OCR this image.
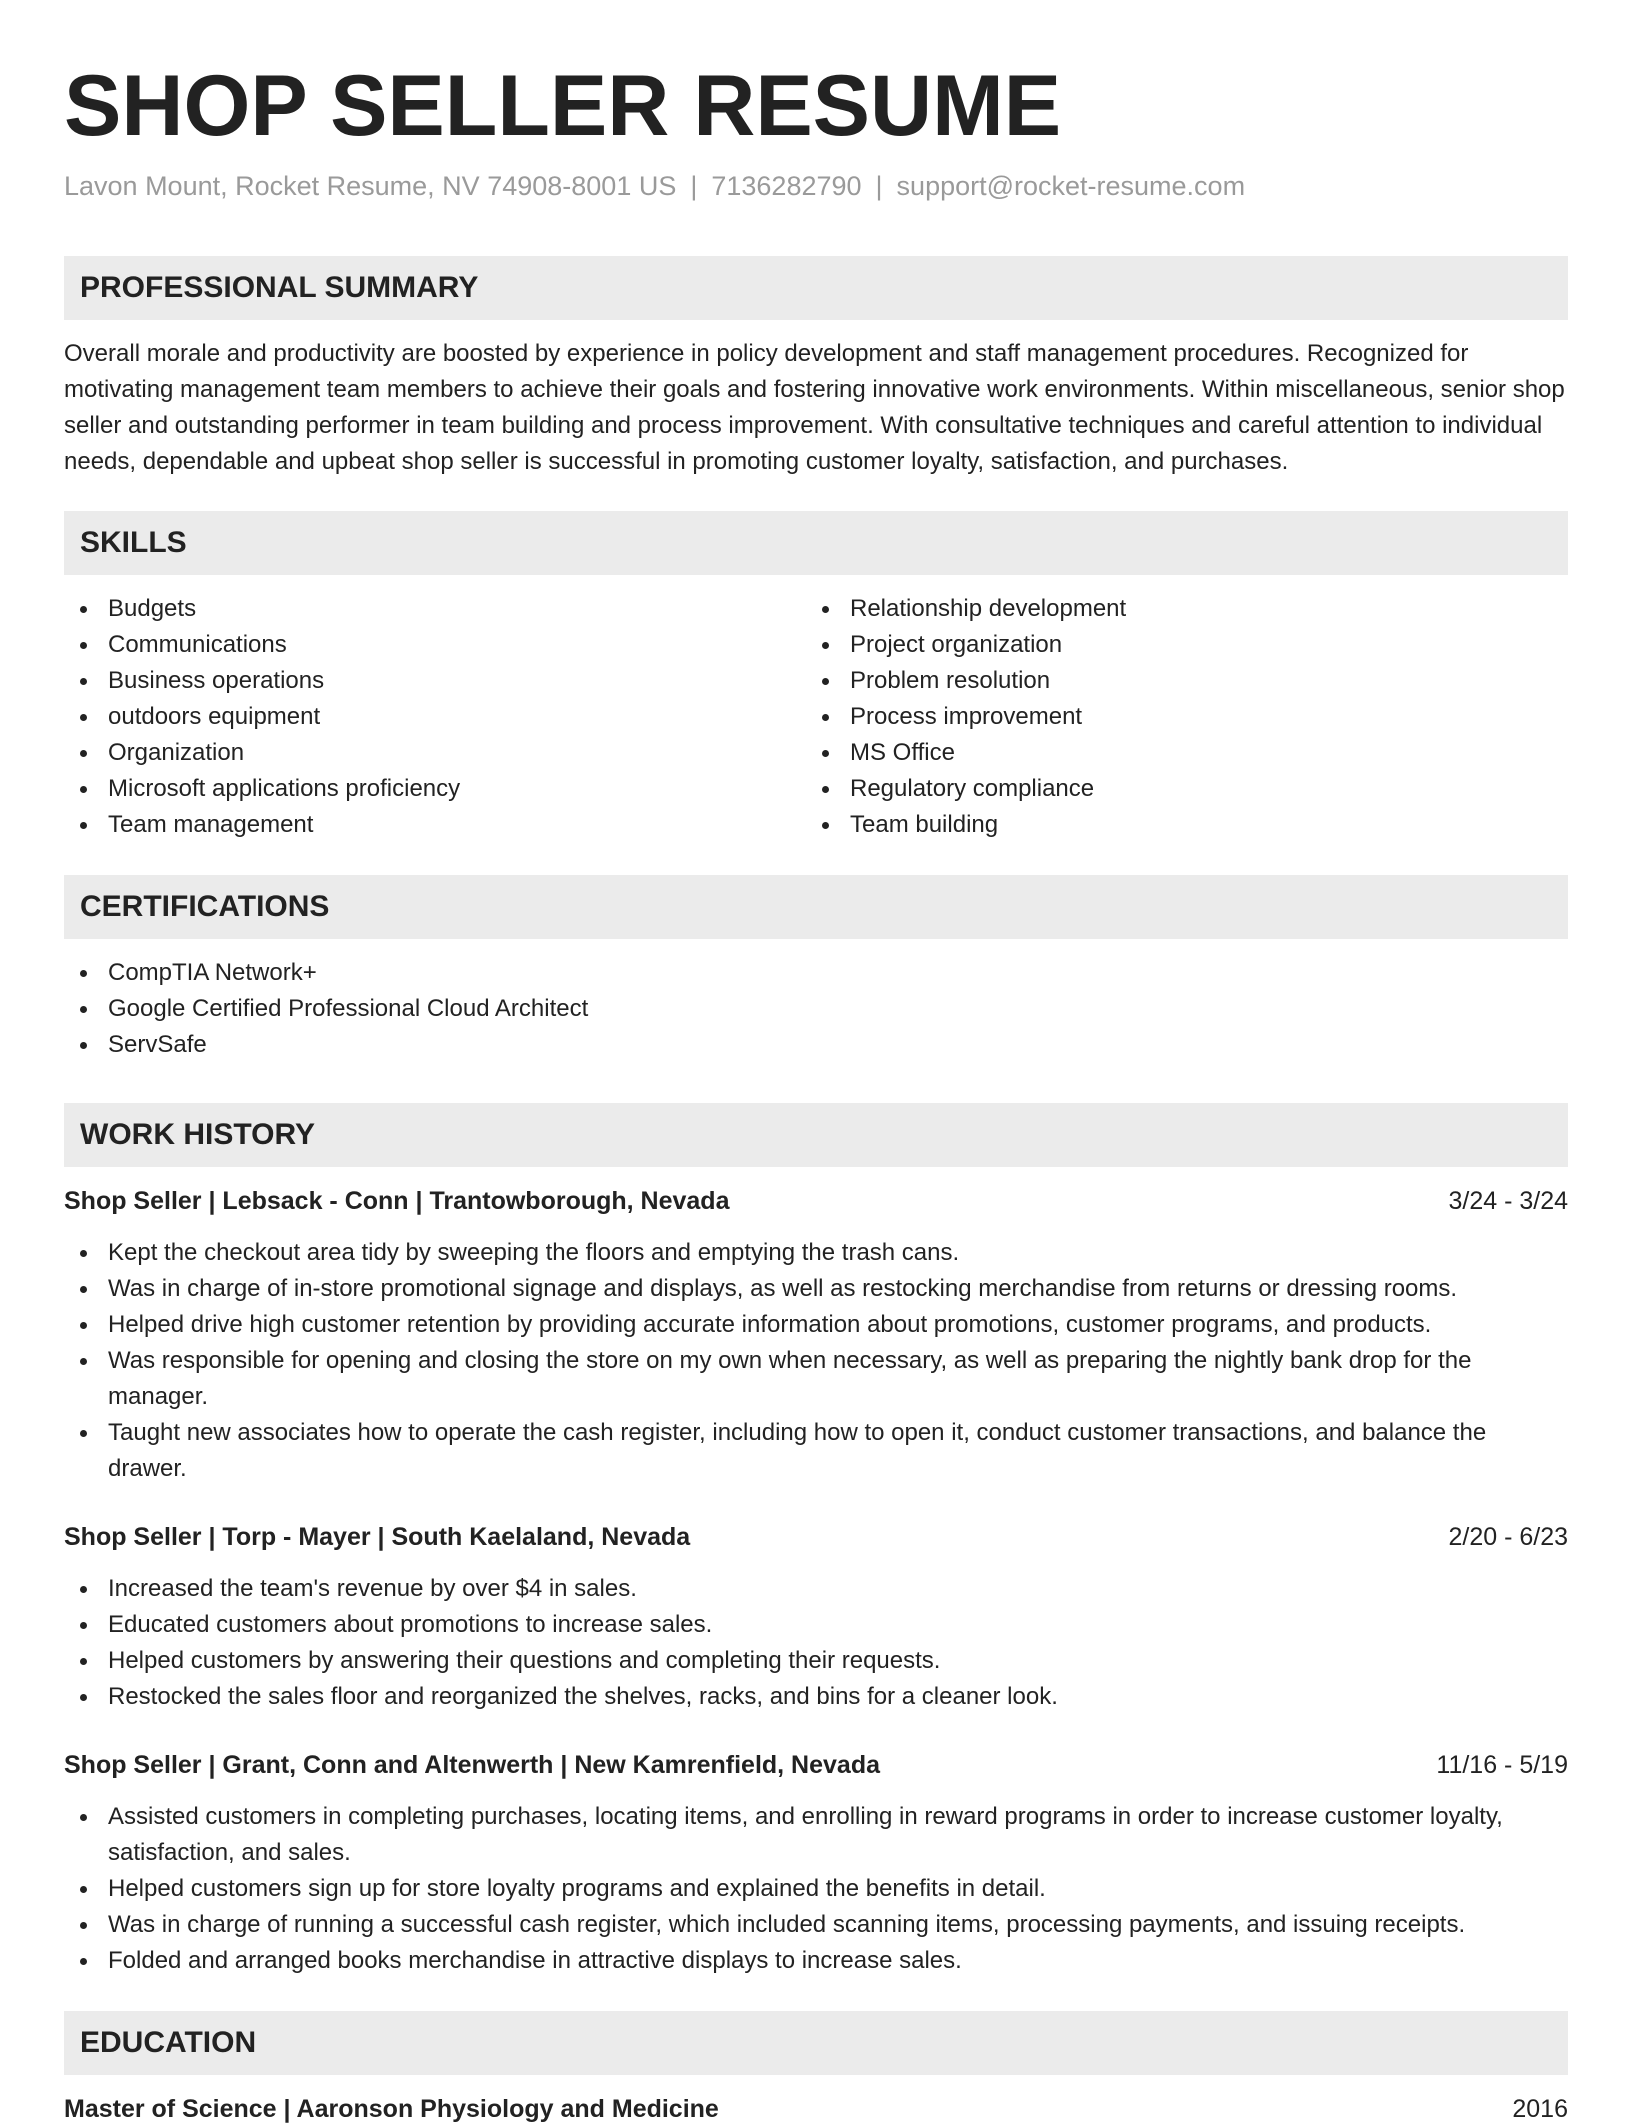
SHOP SELLER RESUME
Lavon Mount, Rocket Resume, NV 74908-8001 US | 7136282790 | support@rocket-resume.com
PROFESSIONAL SUMMARY

Overall morale and productivity are boosted by experience in policy development and staff management procedures. Recognized for motivating management team members to achieve their goals and fostering innovative work environments. Within miscellaneous, senior shop seller and outstanding performer in team building and process improvement. With consultative techniques and careful attention to individual needs, dependable and upbeat shop seller is successful in promoting customer loyalty, satisfaction, and purchases.

SKILLS
Budgets
Communications
Business operations
outdoors equipment
Organization
Microsoft applications proficiency
Team management
Relationship development
Project organization
Problem resolution
Process improvement
MS Office
Regulatory compliance
Team building
CERTIFICATIONS
CompTIA Network+
Google Certified Professional Cloud Architect
ServSafe
WORK HISTORY
Shop Seller | Lebsack - Conn | Trantowborough, Nevada	3/24 - 3/24
Kept the checkout area tidy by sweeping the floors and emptying the trash cans.
Was in charge of in-store promotional signage and displays, as well as restocking merchandise from returns or dressing rooms.
Helped drive high customer retention by providing accurate information about promotions, customer programs, and products.
Was responsible for opening and closing the store on my own when necessary, as well as preparing the nightly bank drop for the manager.
Taught new associates how to operate the cash register, including how to open it, conduct customer transactions, and balance the drawer.
Shop Seller | Torp - Mayer | South Kaelaland, Nevada	2/20 - 6/23
Increased the team's revenue by over $4 in sales.
Educated customers about promotions to increase sales.
Helped customers by answering their questions and completing their requests.
Restocked the sales floor and reorganized the shelves, racks, and bins for a cleaner look.
Shop Seller | Grant, Conn and Altenwerth | New Kamrenfield, Nevada	11/16 - 5/19
Assisted customers in completing purchases, locating items, and enrolling in reward programs in order to increase customer loyalty, satisfaction, and sales.
Helped customers sign up for store loyalty programs and explained the benefits in detail.
Was in charge of running a successful cash register, which included scanning items, processing payments, and issuing receipts.
Folded and arranged books merchandise in attractive displays to increase sales.
EDUCATION
Master of Science | Aaronson Physiology and Medicine	2016
